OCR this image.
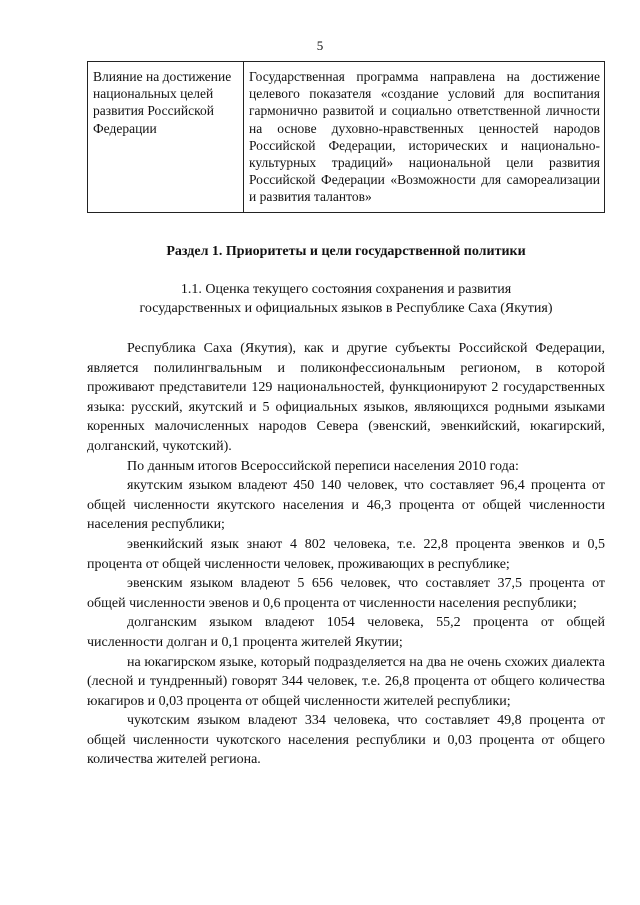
5
Влияние на достижение национальных целей развития Российской Федерации	Государственная программа направлена на достижение целевого показателя «создание условий для воспитания гармонично развитой и социально ответственной личности на основе духовно-нравственных ценностей народов Российской Федерации, исторических и национально-культурных традиций» национальной цели развития Российской Федерации «Возможности для самореализации и развития талантов»
Раздел 1. Приоритеты и цели государственной политики
1.1. Оценка текущего состояния сохранения и развития
государственных и официальных языков в Республике Саха (Якутия)

Республика Саха (Якутия), как и другие субъекты Российской Федерации, является полилингвальным и поликонфессиональным регионом, в которой проживают представители 129 национальностей, функционируют 2 государственных языка: русский, якутский и 5 официальных языков, являющихся родными языками коренных малочисленных народов Севера (эвенский, эвенкийский, юкагирский, долганский, чукотский).

По данным итогов Всероссийской переписи населения 2010 года:

якутским языком владеют 450 140 человек, что составляет 96,4 процента от общей численности якутского населения и 46,3 процента от общей численности населения республики;

эвенкийский язык знают 4 802 человека, т.е. 22,8 процента эвенков и 0,5 процента от общей численности человек, проживающих в республике;

эвенским языком владеют 5 656 человек, что составляет 37,5 процента от общей численности эвенов и 0,6 процента от численности населения республики;

долганским языком владеют 1054 человека, 55,2 процента от общей численности долган и 0,1 процента жителей Якутии;

на юкагирском языке, который подразделяется на два не очень схожих диалекта (лесной и тундренный) говорят 344 человек, т.е. 26,8 процента от общего количества юкагиров и 0,03 процента от общей численности жителей республики;

чукотским языком владеют 334 человека, что составляет 49,8 процента от общей численности чукотского населения республики и 0,03 процента от общего количества жителей региона.
